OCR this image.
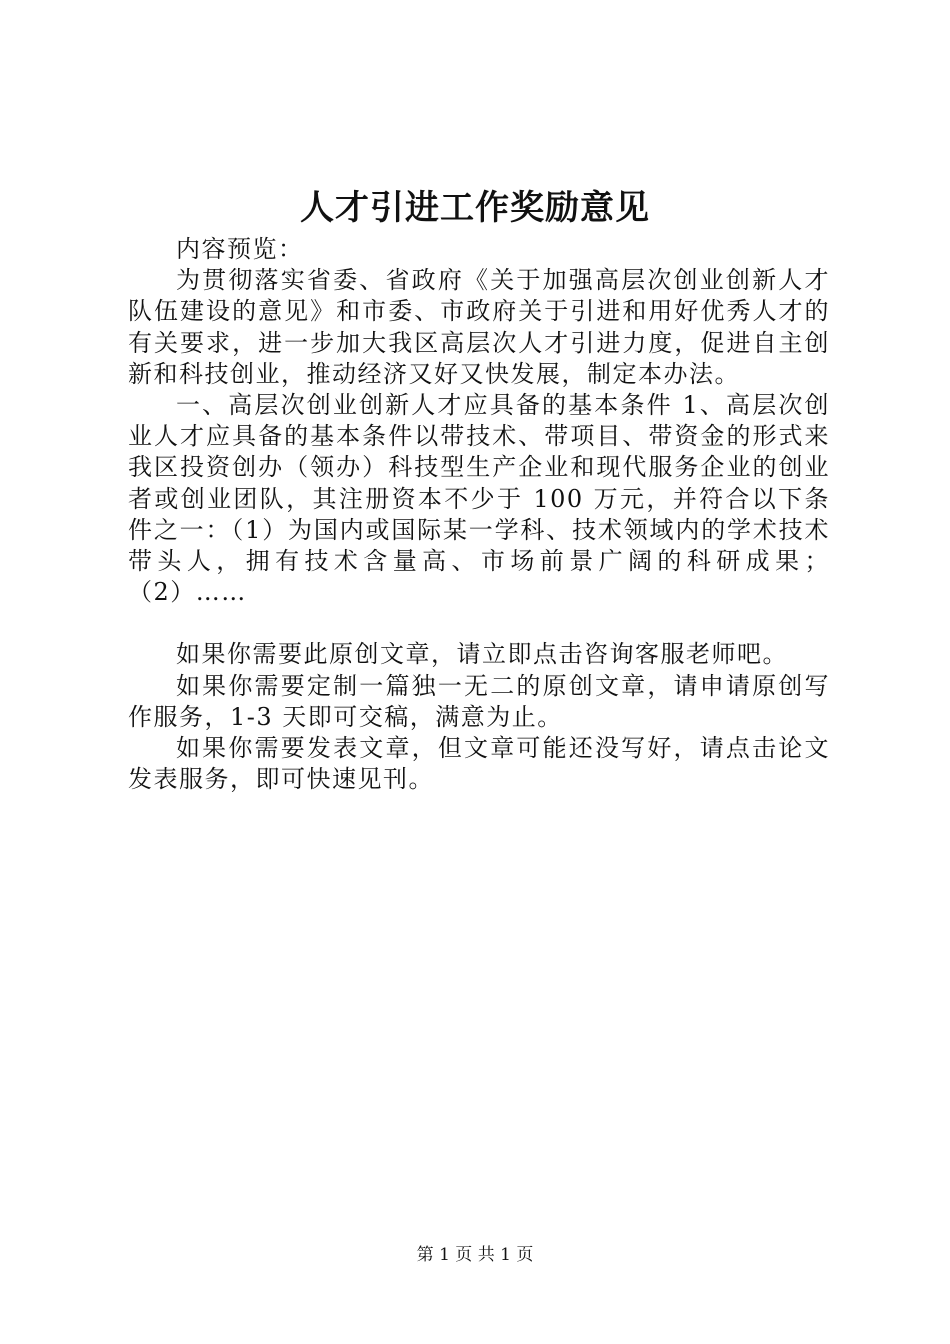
人才引进工作奖励意见

内容预览：

为贯彻落实省委、省政府《关于加强高层次创业创新人才队伍建设的意见》和市委、市政府关于引进和用好优秀人才的有关要求，进一步加大我区高层次人才引进力度，促进自主创新和科技创业，推动经济又好又快发展，制定本办法。

一、高层次创业创新人才应具备的基本条件 1、高层次创业人才应具备的基本条件以带技术、带项目、带资金的形式来我区投资创办（领办）科技型生产企业和现代服务企业的创业者或创业团队，其注册资本不少于 100 万元，并符合以下条件之一：（1）为国内或国际某一学科、技术领域内的学术技术带头人，拥有技术含量高、市场前景广阔的科研成果；（2）……

如果你需要此原创文章，请立即点击咨询客服老师吧。

如果你需要定制一篇独一无二的原创文章，请申请原创写作服务，1-3 天即可交稿，满意为止。

如果你需要发表文章，但文章可能还没写好，请点击论文发表服务，即可快速见刊。

第 1 页 共 1 页
